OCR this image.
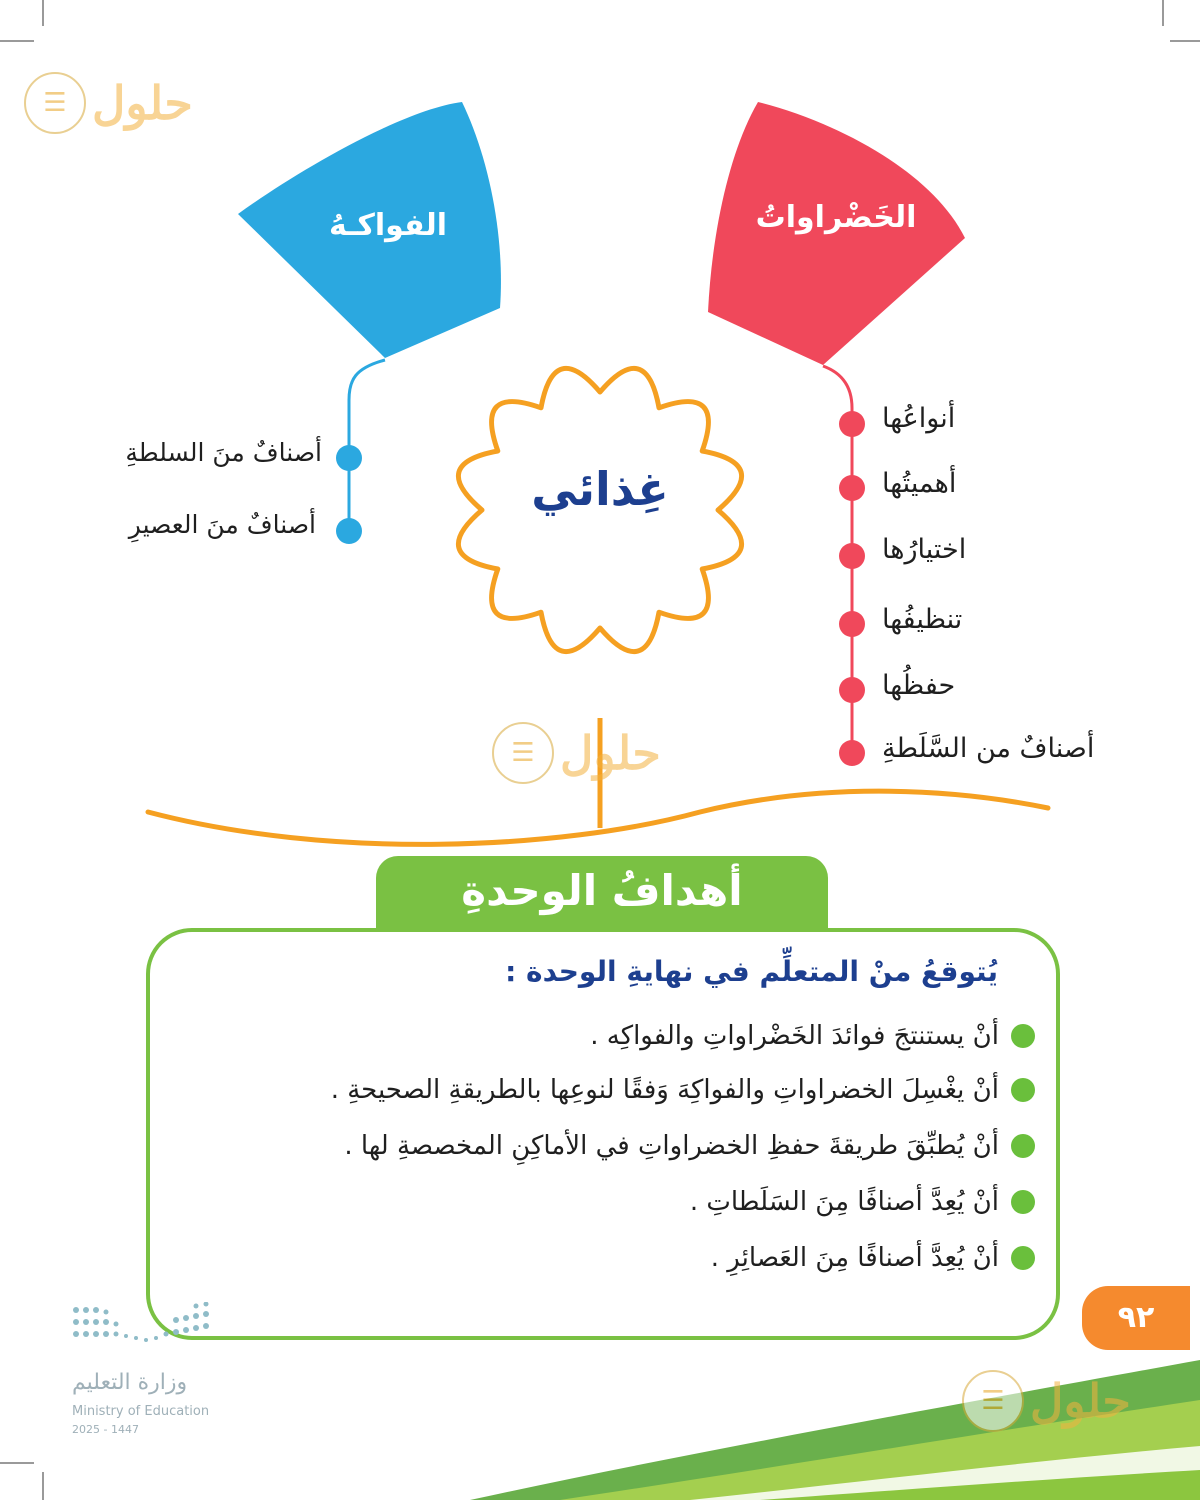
الفواكـهُ	الخَضْراواتُ
غِذائي
أنواعُها
أهميتُها
اختيارُها
تنظيفُها
حفظُها
أصنافٌ من السَّلَطةِ
أصنافٌ منَ السلطةِ
أصنافٌ منَ العصيرِ
أهدافُ الوحدةِ
يُتوقعُ منْ المتعلِّم في نهايةِ الوحدة :
أنْ يستنتجَ فوائدَ الخَضْراواتِ والفواكِه .
أنْ يغْسِلَ الخضراواتِ والفواكِهَ وَفقًا لنوعِها بالطريقةِ الصحيحةِ .
أنْ يُطبِّقَ طريقةَ حفظِ الخضراواتِ في الأماكِنِ المخصصةِ لها .
أنْ يُعِدَّ أصنافًا مِنَ السَلَطاتِ .
أنْ يُعِدَّ أصنافًا مِنَ العَصائِرِ .
٩٢
وزارة التعليم
Ministry of Education
2025 - 1447
☰ حلول
☰ حلول
☰ حلول
